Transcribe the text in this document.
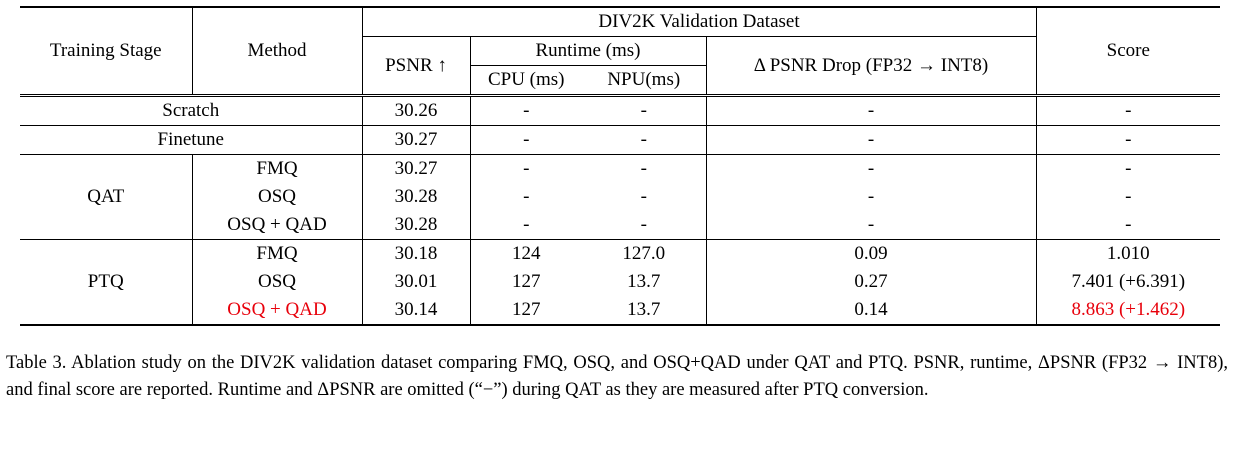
Training Stage	Method	DIV2K Validation Dataset				Score
		PSNR ↑	Runtime (ms)		Δ PSNR Drop (FP32 → INT8)	
			CPU (ms)	NPU(ms)		
Scratch		30.26	-	-	-	-
Finetune		30.27	-	-	-	-
QAT	FMQ	30.27	-	-	-	-
	OSQ	30.28	-	-	-	-
	OSQ + QAD	30.28	-	-	-	-
	FMQ	30.18	124	127.0	0.09	1.010
PTQ	OSQ	30.01	127	13.7	0.27	7.401 (+6.391)
	OSQ + QAD	30.14	127	13.7	0.14	8.863 (+1.462)
Table 3. Ablation study on the DIV2K validation dataset comparing FMQ, OSQ, and OSQ+QAD under QAT and PTQ. PSNR, runtime, ΔPSNR (FP32 → INT8), and final score are reported. Runtime and ΔPSNR are omitted (“−”) during QAT as they are measured after PTQ conversion.
